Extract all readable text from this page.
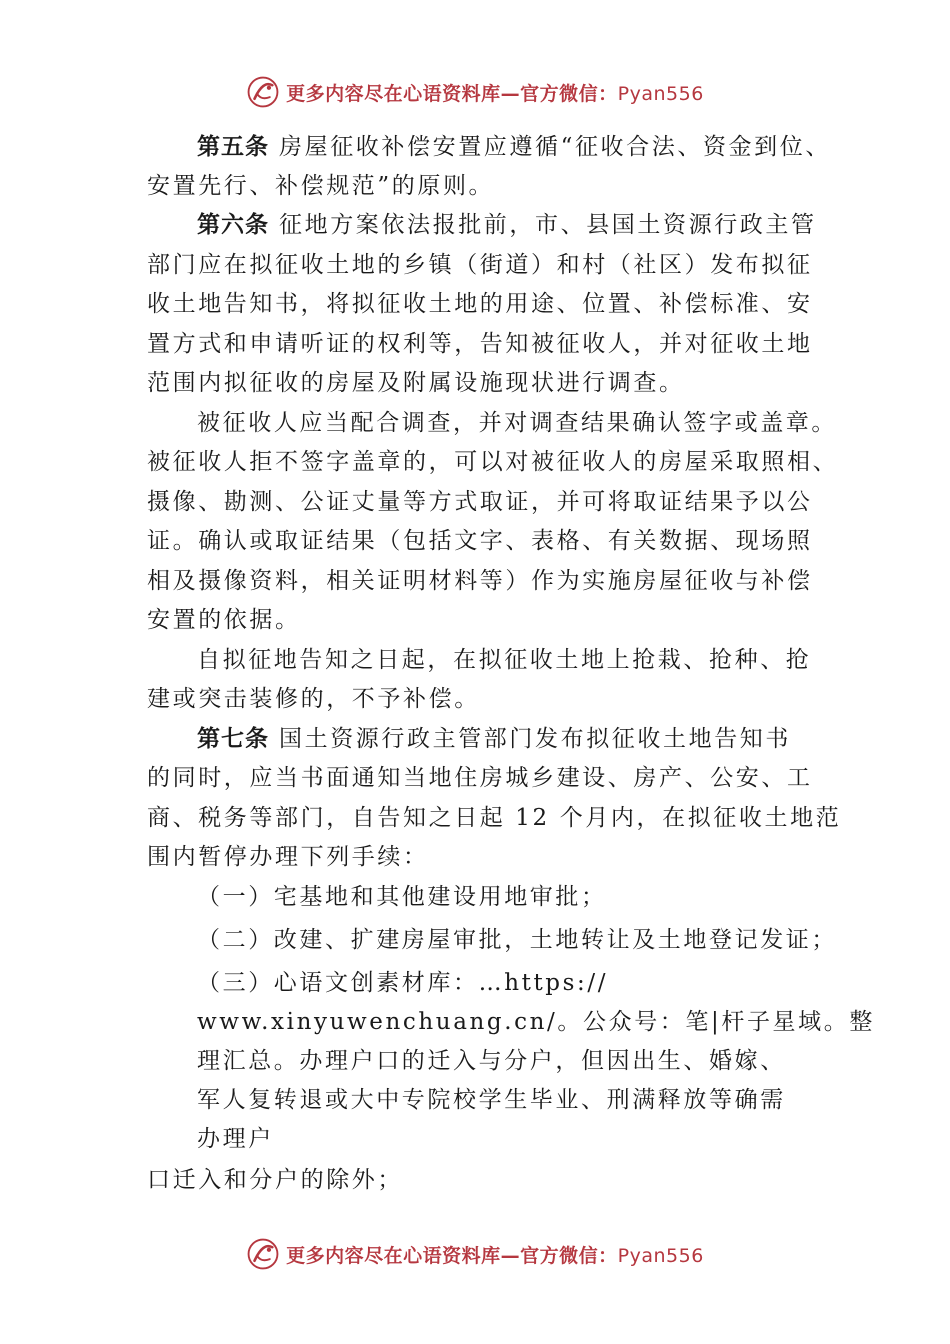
更多内容尽在心语资料库—官方微信：Pyan556
第五条 房屋征收补偿安置应遵循“征收合法、资金到位、
安置先行、补偿规范”的原则。
第六条 征地方案依法报批前，市、县国土资源行政主管
部门应在拟征收土地的乡镇（街道）和村（社区）发布拟征
收土地告知书，将拟征收土地的用途、位置、补偿标准、安
置方式和申请听证的权利等，告知被征收人，并对征收土地
范围内拟征收的房屋及附属设施现状进行调查。
被征收人应当配合调查，并对调查结果确认签字或盖章。
被征收人拒不签字盖章的，可以对被征收人的房屋采取照相、
摄像、勘测、公证丈量等方式取证，并可将取证结果予以公
证。确认或取证结果（包括文字、表格、有关数据、现场照
相及摄像资料，相关证明材料等）作为实施房屋征收与补偿
安置的依据。
自拟征地告知之日起，在拟征收土地上抢栽、抢种、抢
建或突击装修的，不予补偿。
第七条 国土资源行政主管部门发布拟征收土地告知书
的同时，应当书面通知当地住房城乡建设、房产、公安、工
商、税务等部门，自告知之日起 12 个月内，在拟征收土地范
围内暂停办理下列手续：
（一）宅基地和其他建设用地审批；
（二）改建、扩建房屋审批，土地转让及土地登记发证；
（三）心语文创素材库：…https://
www.xinyuwenchuang.cn/。公众号：笔|杆子星域。整
理汇总。办理户口的迁入与分户，但因出生、婚嫁、
军人复转退或大中专院校学生毕业、刑满释放等确需
办理户
口迁入和分户的除外；
更多内容尽在心语资料库—官方微信：Pyan556
